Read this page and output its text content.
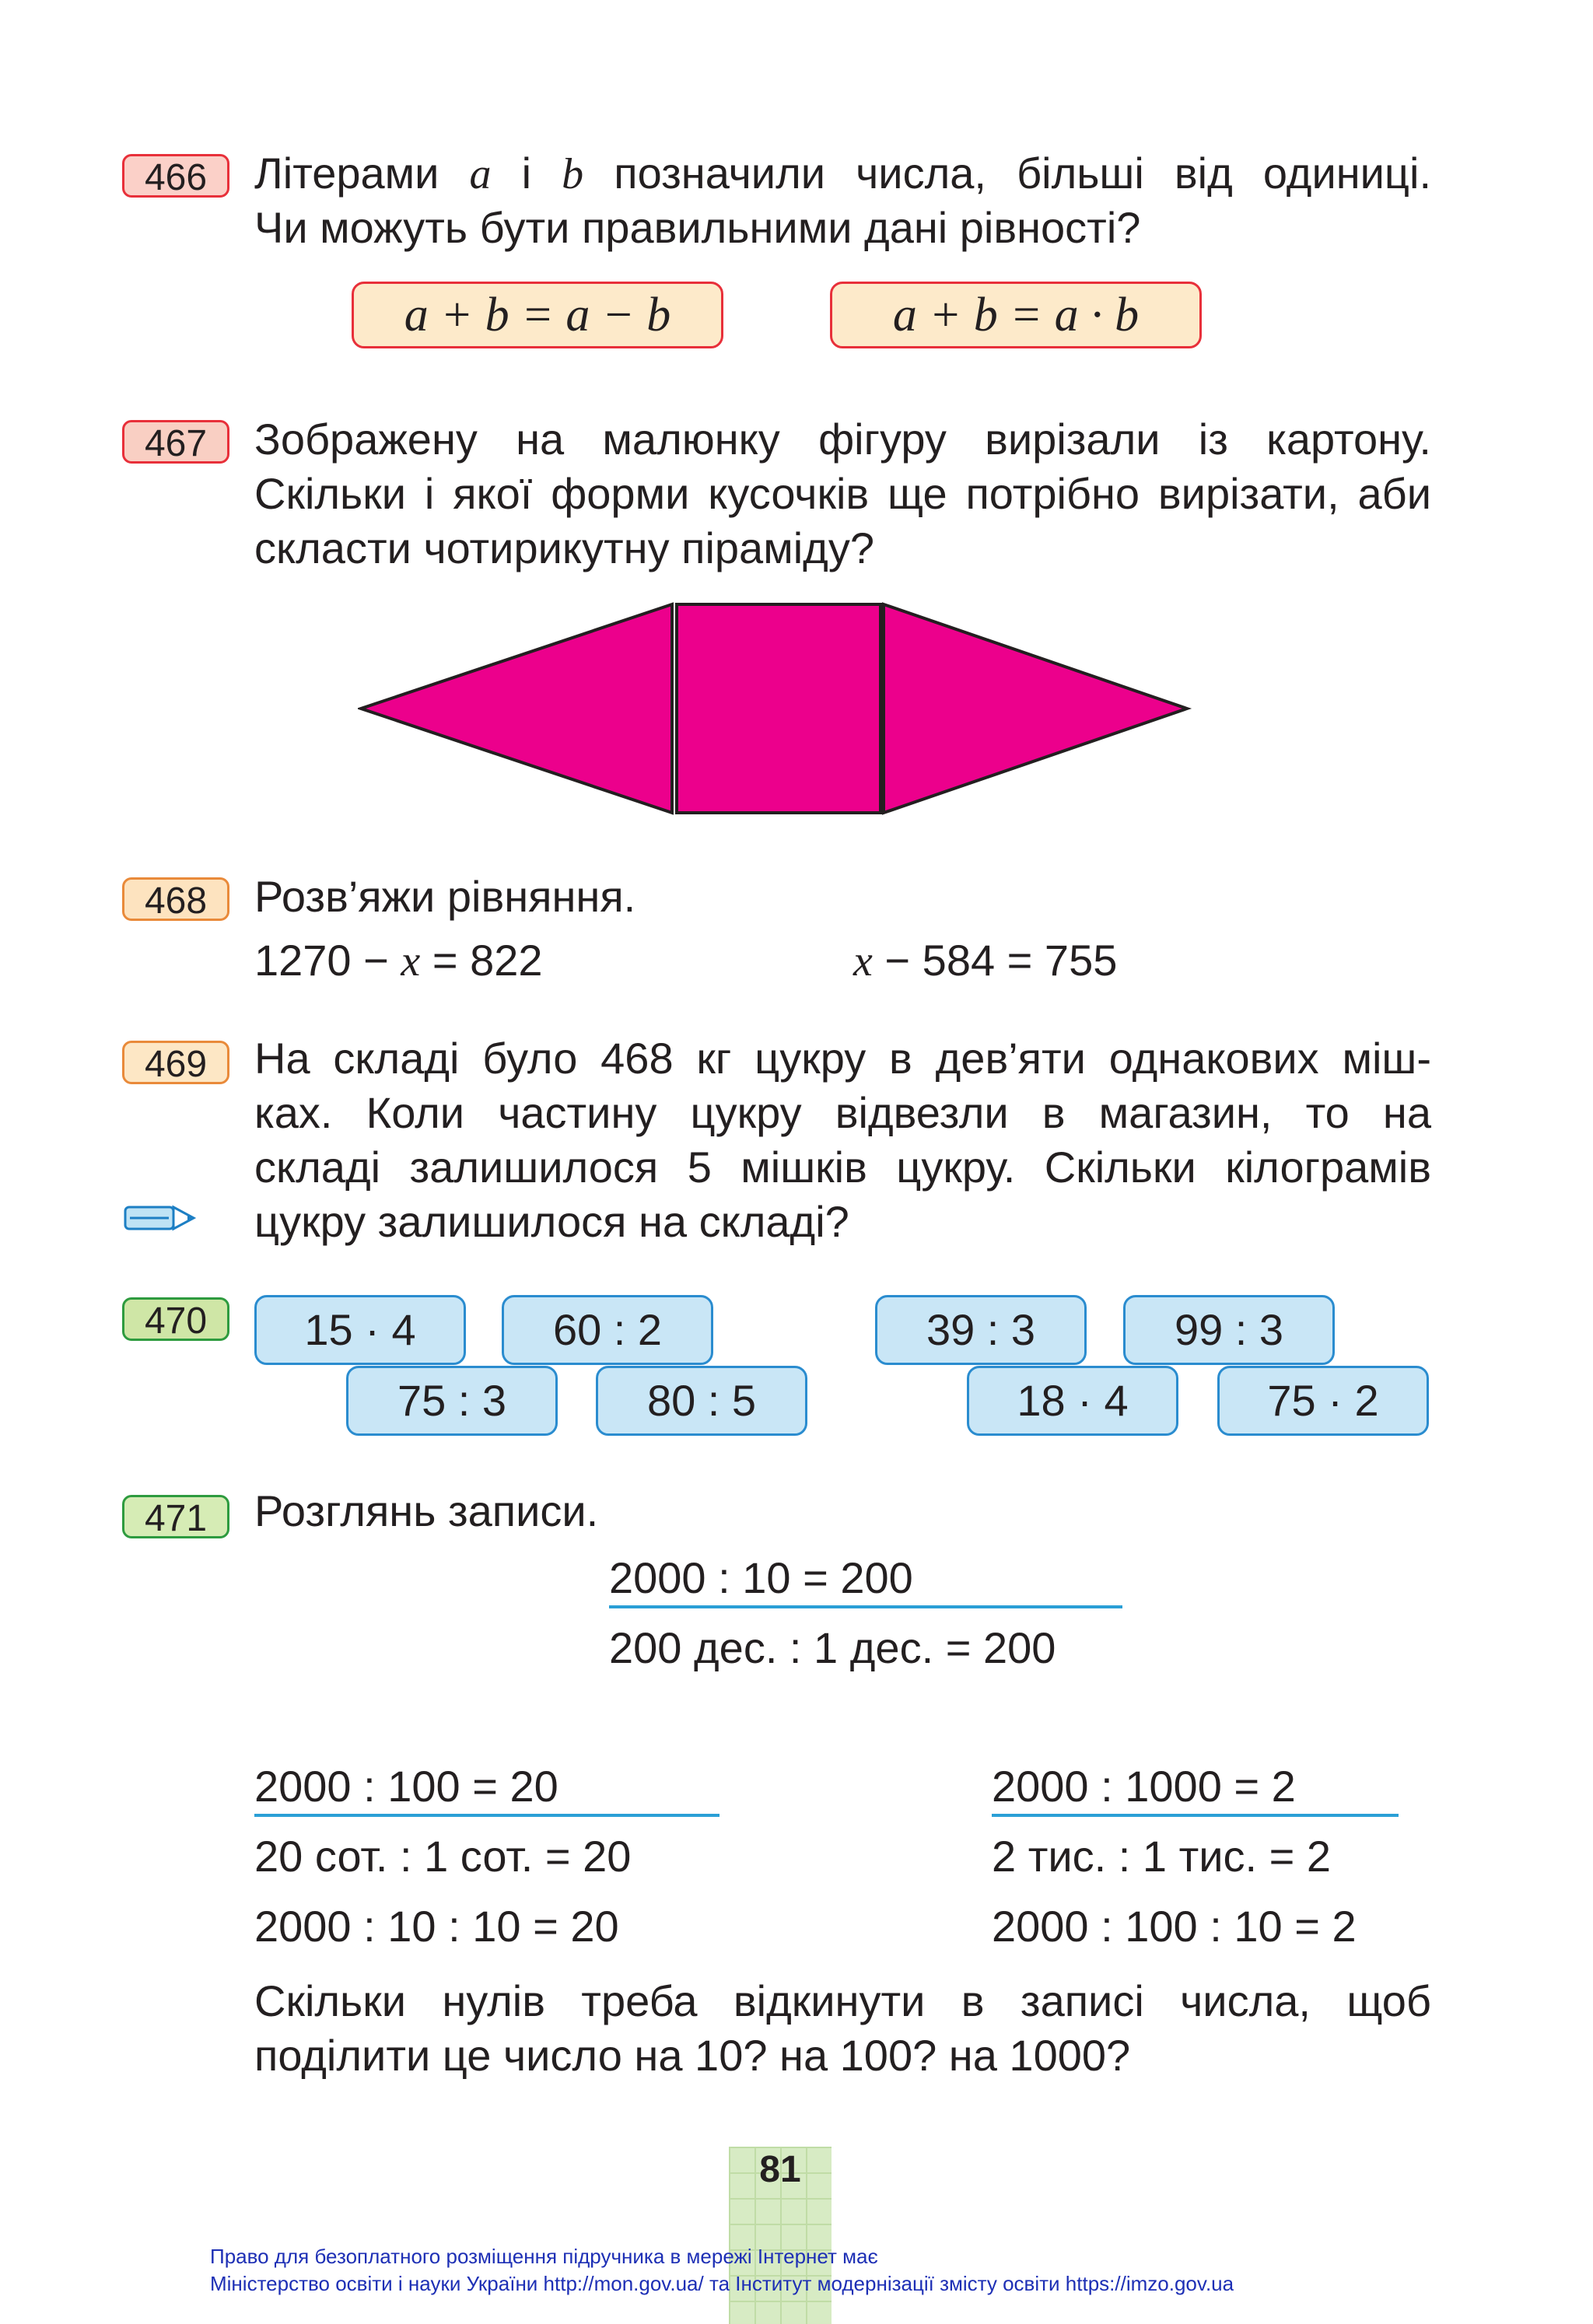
466	Літерами a і b позначили числа, більші від одиниці.
Чи можуть бути правильними дані рівності?
a + b = a − b	a + b = a · b
467	Зображену на малюнку фігуру вирізали із картону.
Скільки і якої форми кусочків ще потрібно вирізати, аби
скласти чотирикутну піраміду?
468	Розв’яжи рівняння.
1270 − x = 822	x − 584 = 755
469	На складі було 468 кг цукру в дев’яти однакових міш-
ках. Коли частину цукру відвезли в магазин, то на
складі залишилося 5 мішків цукру. Скільки кілограмів
цукру залишилося на складі?
470	15 · 4	60 : 2
75 : 3	80 : 5
39 : 3	99 : 3
18 · 4	75 · 2
471	Розглянь записи.
2000 : 10 = 200
200 дес. : 1 дес. = 200
2000 : 100 = 20
20 сот. : 1 сот. = 20
2000 : 10 : 10 = 20
2000 : 1000 = 2
2 тис. : 1 тис. = 2
2000 : 100 : 10 = 2
Скільки нулів треба відкинути в записі числа, щоб
поділити це число на 10? на 100? на 1000?
81
Право для безоплатного розміщення підручника в мережі Інтернет має
Міністерство освіти і науки України http://mon.gov.ua/ та Інститут модернізації змісту освіти https://imzo.gov.ua
